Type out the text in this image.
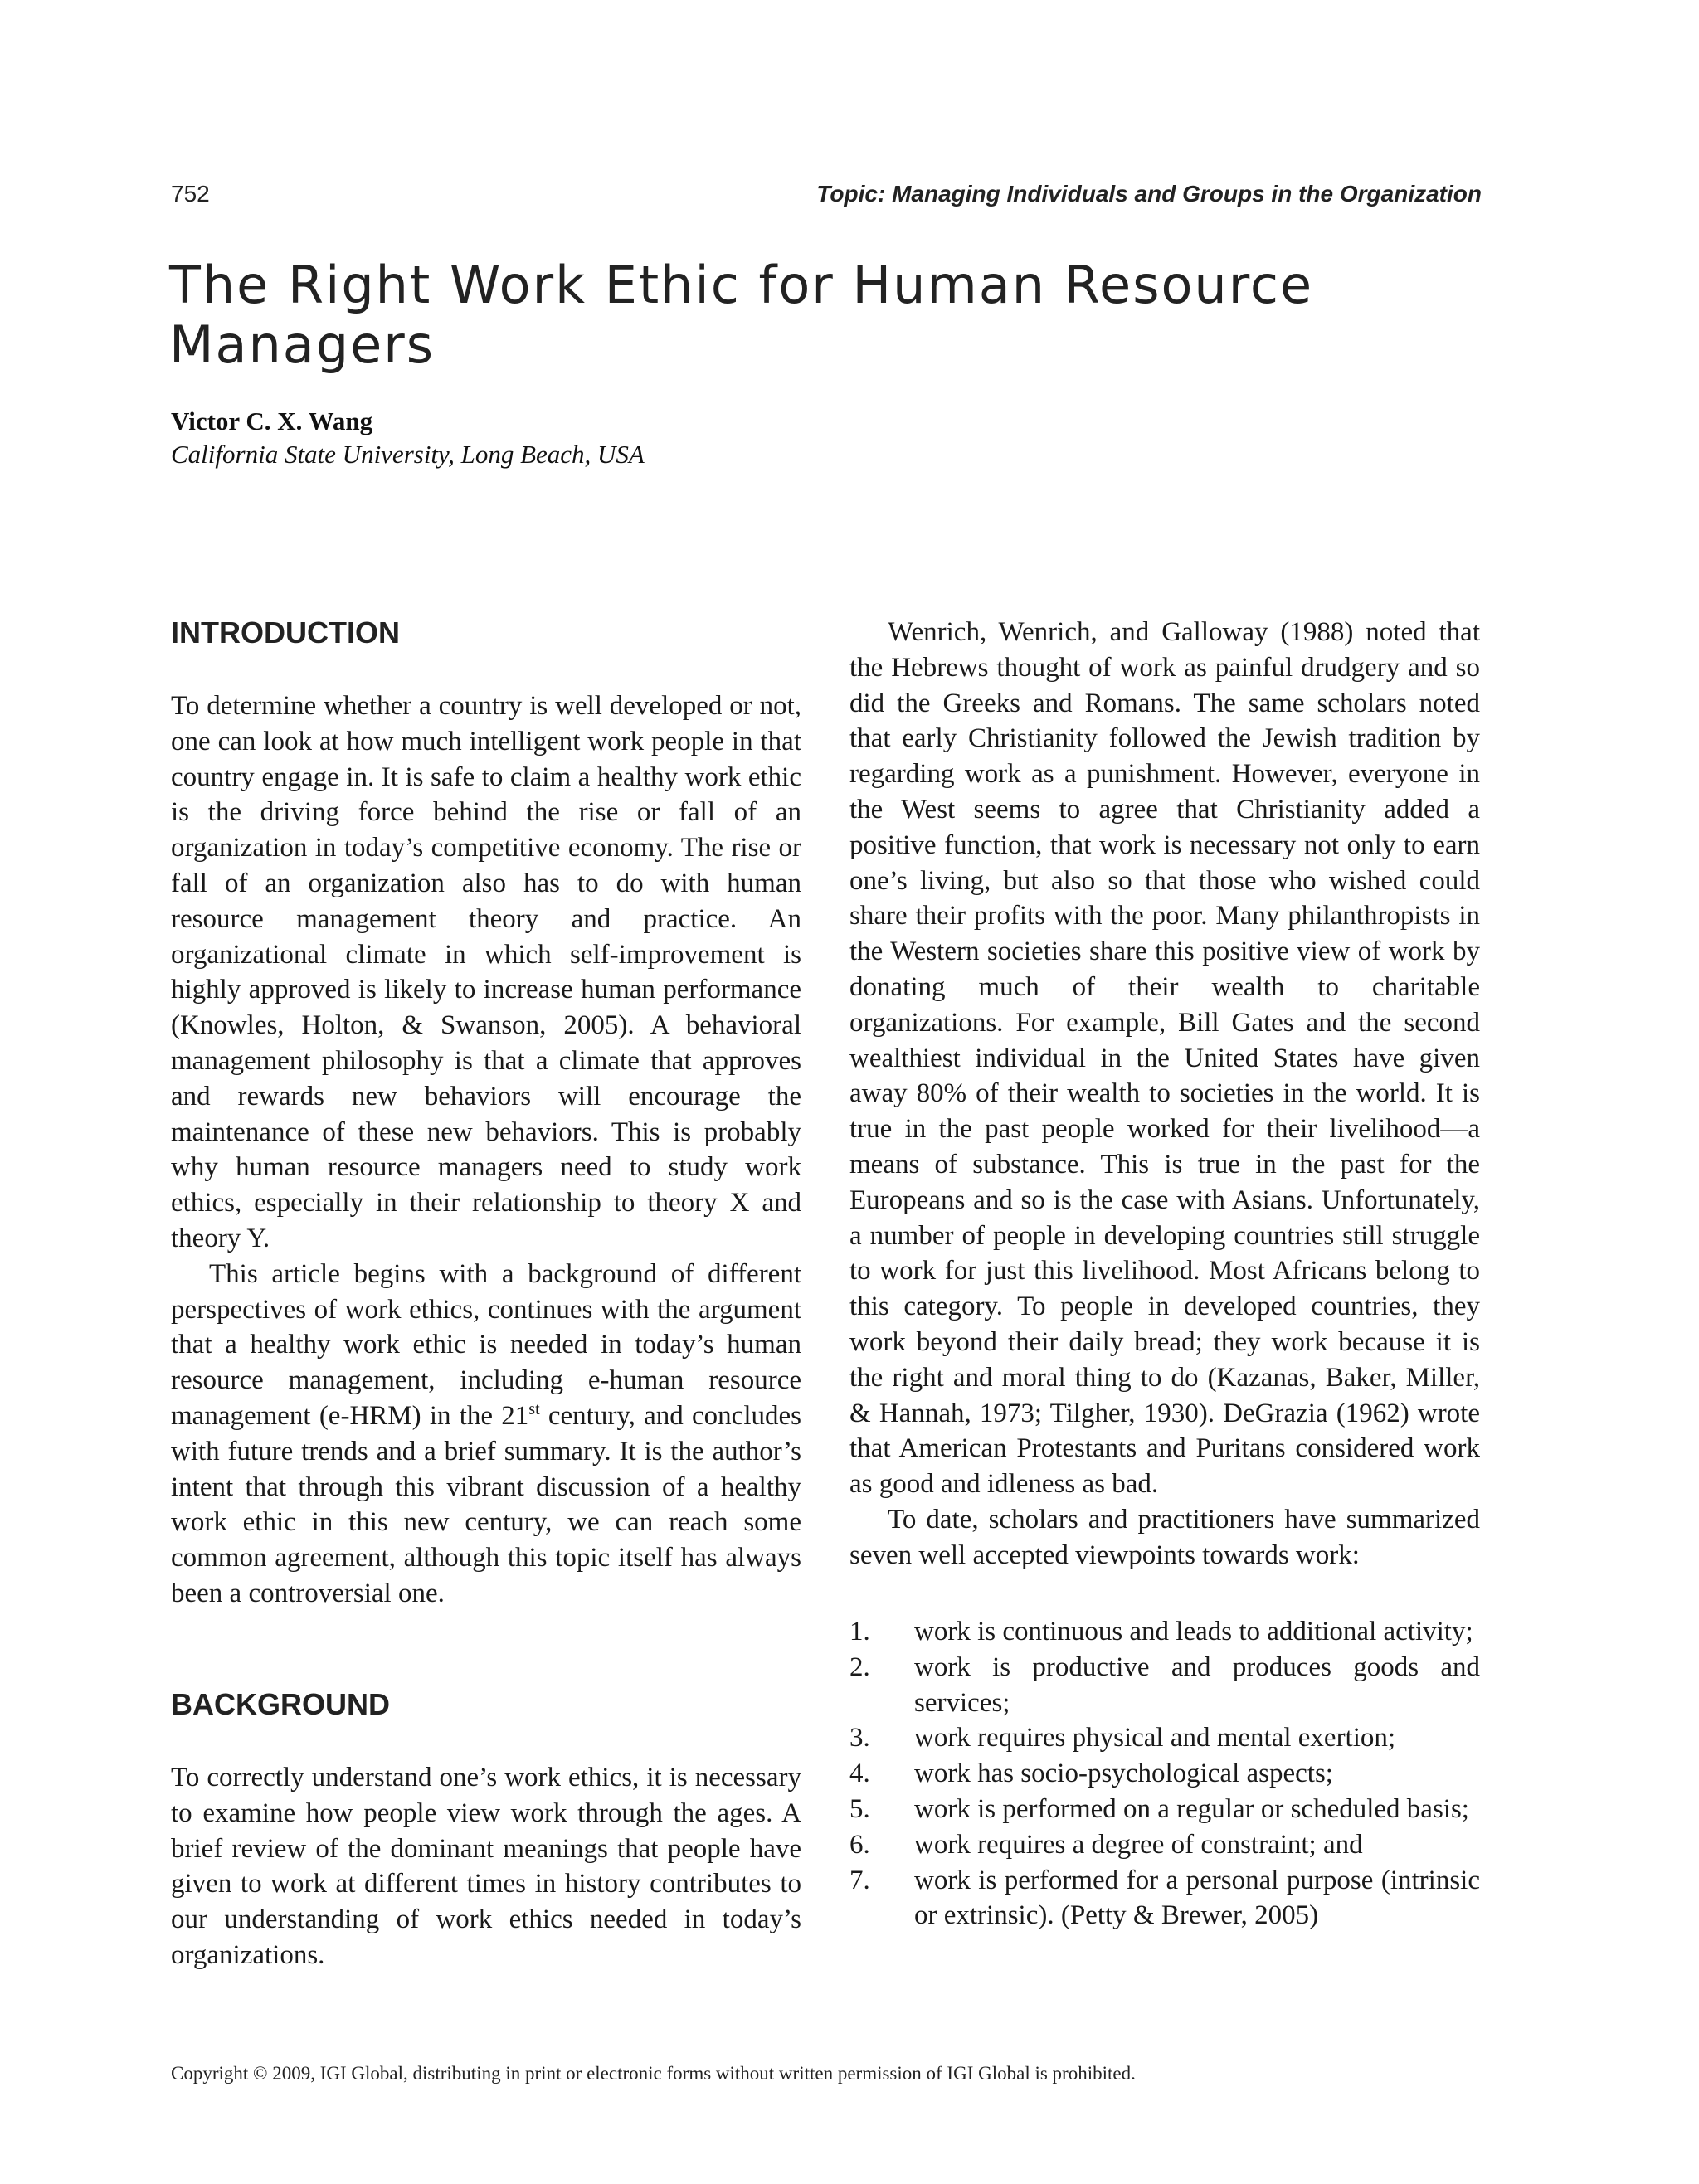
752	Topic: Managing Individuals and Groups in the Organization
The Right Work Ethic for Human Resource Managers
Victor C. X. Wang
California State University, Long Beach, USA
INTRODUCTION

To determine whether a country is well developed or not, one can look at how much intelligent work people in that country engage in. It is safe to claim a healthy work ethic is the driving force behind the rise or fall of an organization in today’s competitive economy. The rise or fall of an organization also has to do with human resource management theory and practice. An organizational climate in which self-improvement is highly approved is likely to increase human performance (Knowles, Holton, & Swanson, 2005). A behavioral management philosophy is that a climate that approves and rewards new behaviors will encourage the maintenance of these new behaviors. This is probably why human resource managers need to study work ethics, especially in their relationship to theory X and theory Y.

This article begins with a background of different perspectives of work ethics, continues with the argument that a healthy work ethic is needed in today’s human resource management, including e-human resource management (e-HRM) in the 21st century, and concludes with future trends and a brief summary. It is the author’s intent that through this vibrant discussion of a healthy work ethic in this new century, we can reach some common agreement, although this topic itself has always been a controversial one.

BACKGROUND

To correctly understand one’s work ethics, it is necessary to examine how people view work through the ages. A brief review of the dominant meanings that people have given to work at different times in history contributes to our understanding of work ethics needed in today’s organizations.

Wenrich, Wenrich, and Galloway (1988) noted that the Hebrews thought of work as painful drudgery and so did the Greeks and Romans. The same scholars noted that early Christianity followed the Jewish tradition by regarding work as a punishment. However, everyone in the West seems to agree that Christianity added a positive function, that work is necessary not only to earn one’s living, but also so that those who wished could share their profits with the poor. Many philanthropists in the Western societies share this positive view of work by donating much of their wealth to charitable organizations. For example, Bill Gates and the second wealthiest individual in the United States have given away 80% of their wealth to societies in the world. It is true in the past people worked for their livelihood—a means of substance. This is true in the past for the Europeans and so is the case with Asians. Unfortunately, a number of people in developing countries still struggle to work for just this livelihood. Most Africans belong to this category. To people in developed countries, they work beyond their daily bread; they work because it is the right and moral thing to do (Kazanas, Baker, Miller, & Hannah, 1973; Tilgher, 1930). DeGrazia (1962) wrote that American Protestants and Puritans considered work as good and idleness as bad.

To date, scholars and practitioners have summarized seven well accepted viewpoints towards work:

1. work is continuous and leads to additional activity;
2. work is productive and produces goods and services;
3. work requires physical and mental exertion;
4. work has socio-psychological aspects;
5. work is performed on a regular or scheduled basis;
6. work requires a degree of constraint; and
7. work is performed for a personal purpose (intrinsic or extrinsic). (Petty & Brewer, 2005)
Copyright © 2009, IGI Global, distributing in print or electronic forms without written permission of IGI Global is prohibited.
